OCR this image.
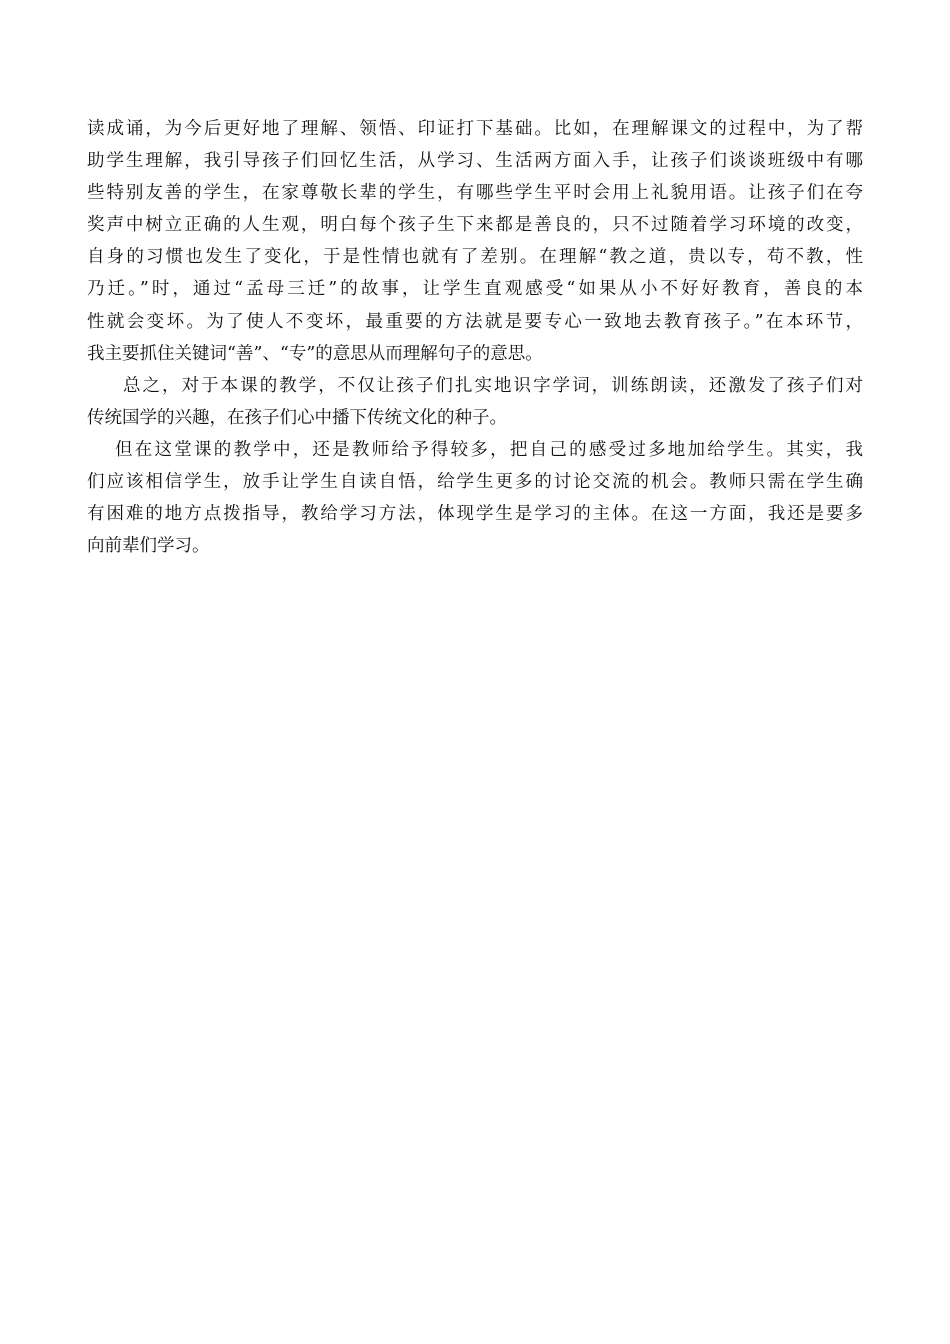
读成诵，为今后更好地了理解、领悟、印证打下基础。比如，在理解课文的过程中，为了帮
助学生理解，我引导孩子们回忆生活，从学习、生活两方面入手，让孩子们谈谈班级中有哪
些特别友善的学生，在家尊敬长辈的学生，有哪些学生平时会用上礼貌用语。让孩子们在夸
奖声中树立正确的人生观，明白每个孩子生下来都是善良的，只不过随着学习环境的改变，
自身的习惯也发生了变化，于是性情也就有了差别。在理解“教之道，贵以专，苟不教，性
乃迁。”时，通过“孟母三迁”的故事，让学生直观感受“如果从小不好好教育，善良的本
性就会变坏。为了使人不变坏，最重要的方法就是要专心一致地去教育孩子。”在本环节，
我主要抓住关键词“善”、“专”的意思从而理解句子的意思。
总之，对于本课的教学，不仅让孩子们扎实地识字学词，训练朗读，还激发了孩子们对
传统国学的兴趣，在孩子们心中播下传统文化的种子。
但在这堂课的教学中，还是教师给予得较多，把自己的感受过多地加给学生。其实，我
们应该相信学生，放手让学生自读自悟，给学生更多的讨论交流的机会。教师只需在学生确
有困难的地方点拨指导，教给学习方法，体现学生是学习的主体。在这一方面，我还是要多
向前辈们学习。
